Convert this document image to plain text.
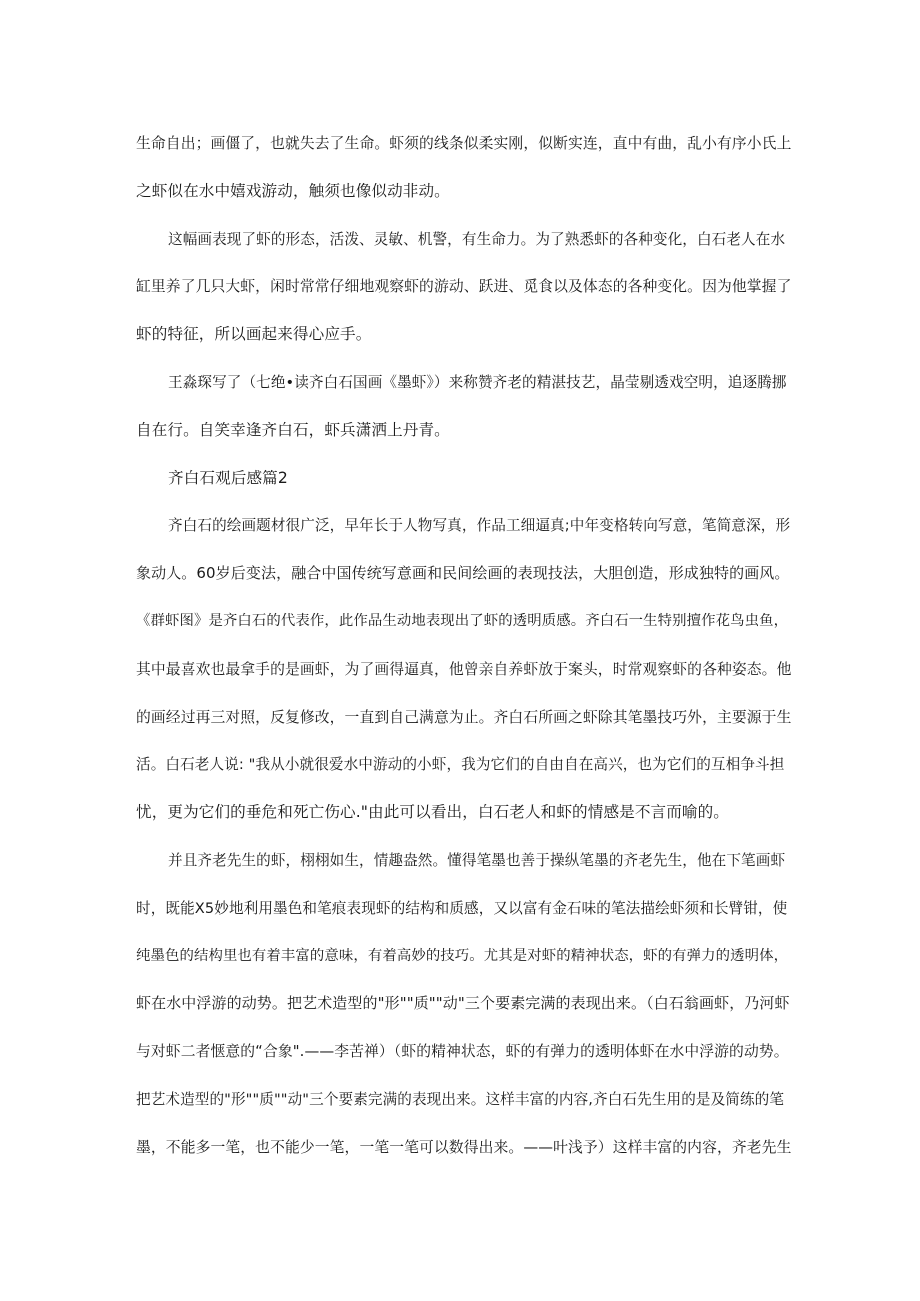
生命自出；画僵了，也就失去了生命。虾须的线条似柔实刚，似断实连，直中有曲，乱小有序小氏上
之虾似在水中嬉戏游动，触须也像似动非动。
这幅画表现了虾的形态，活泼、灵敏、机警，有生命力。为了熟悉虾的各种变化，白石老人在水
缸里养了几只大虾，闲时常常仔细地观察虾的游动、跃进、觅食以及体态的各种变化。因为他掌握了
虾的特征，所以画起来得心应手。
王淼琛写了（七绝•读齐白石国画《墨虾》）来称赞齐老的精湛技艺，晶莹剔透戏空明，追逐腾挪
自在行。自笑幸逢齐白石，虾兵潇洒上丹青。
齐白石观后感篇2
齐白石的绘画题材很广泛，早年长于人物写真，作品工细逼真;中年变格转向写意，笔简意深，形
象动人。60岁后变法，融合中国传统写意画和民间绘画的表现技法，大胆创造，形成独特的画风。
《群虾图》是齐白石的代表作，此作品生动地表现出了虾的透明质感。齐白石一生特别擅作花鸟虫鱼，
其中最喜欢也最拿手的是画虾，为了画得逼真，他曾亲自养虾放于案头，时常观察虾的各种姿态。他
的画经过再三对照，反复修改，一直到自己满意为止。齐白石所画之虾除其笔墨技巧外，主要源于生
活。白石老人说: "我从小就很爱水中游动的小虾，我为它们的自由自在高兴，也为它们的互相争斗担
忧，更为它们的垂危和死亡伤心."由此可以看出，白石老人和虾的情感是不言而喻的。
并且齐老先生的虾，栩栩如生，情趣盎然。懂得笔墨也善于操纵笔墨的齐老先生，他在下笔画虾
时，既能X5妙地利用墨色和笔痕表现虾的结构和质感，又以富有金石味的笔法描绘虾须和长臂钳，使
纯墨色的结构里也有着丰富的意味，有着高妙的技巧。尤其是对虾的精神状态，虾的有弹力的透明体，
虾在水中浮游的动势。把艺术造型的"形""质""动"三个要素完满的表现出来。（白石翁画虾，乃河虾
与对虾二者惬意的“合象".——李苦禅）（虾的精神状态，虾的有弹力的透明体虾在水中浮游的动势。
把艺术造型的"形""质""动"三个要素完满的表现出来。这样丰富的内容,齐白石先生用的是及简练的笔
墨，不能多一笔，也不能少一笔，一笔一笔可以数得出来。——叶浅予）这样丰富的内容，齐老先生
